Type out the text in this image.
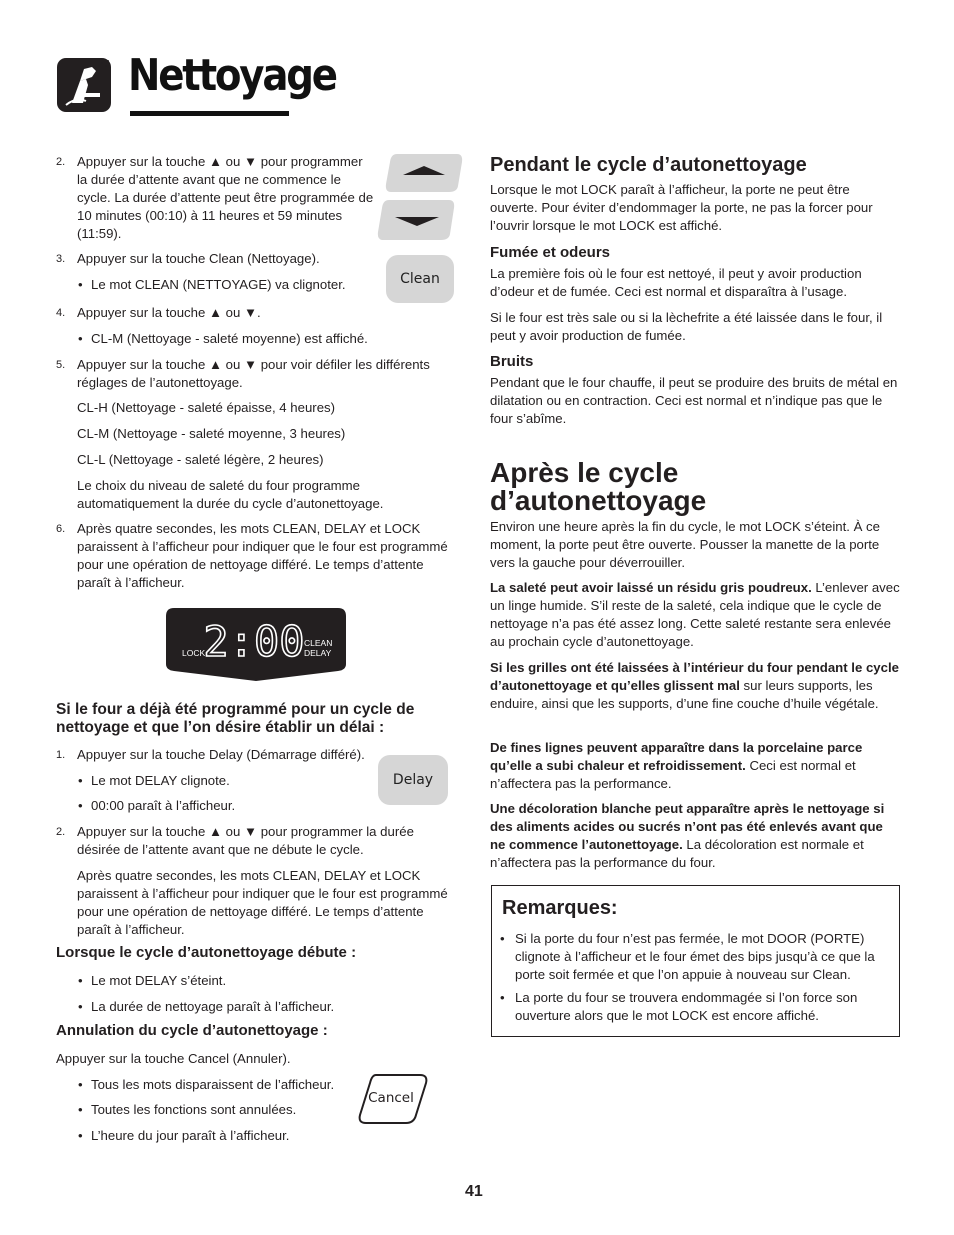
Nettoyage
2. Appuyer sur la touche ▲ ou ▼ pour programmer la durée d’attente avant que ne commence le cycle. La durée d’attente peut être programmée de 10 minutes (00:10) à 11 heures et 59 minutes (11:59).

3. Appuyer sur la touche Clean (Nettoyage).

• Le mot CLEAN (NETTOYAGE) va clignoter.
4. Appuyer sur la touche ▲ ou ▼.

• CL-M (Nettoyage - saleté moyenne) est affiché.
5. Appuyer sur la touche ▲ ou ▼ pour voir défiler les différents réglages de l’autonettoyage.

CL-H (Nettoyage - saleté épaisse, 4 heures)

CL-M (Nettoyage - saleté moyenne, 3 heures)

CL-L (Nettoyage - saleté légère, 2 heures)

Le choix du niveau de saleté du four programme automatiquement la durée du cycle d’autonettoyage.

6. Après quatre secondes, les mots CLEAN, DELAY et LOCK paraissent à l’afficheur pour indiquer que le four est programmé pour une opération de nettoyage différé. Le temps d’attente paraît à l’afficheur.

LOCK
2:00 CLEAN
DELAY

Si le four a déjà été programmé pour un cycle de nettoyage et que l’on désire établir un délai :

1. Appuyer sur la touche Delay (Démarrage différé).

• Le mot DELAY clignote.
• 00:00 paraît à l’afficheur.
2. Appuyer sur la touche ▲ ou ▼ pour programmer la durée désirée de l’attente avant que ne débute le cycle.

Après quatre secondes, les mots CLEAN, DELAY et LOCK paraissent à l’afficheur pour indiquer que le four est programmé pour une opération de nettoyage différé. Le temps d’attente paraît à l’afficheur.

Lorsque le cycle d’autonettoyage débute :

• Le mot DELAY s’éteint.
• La durée de nettoyage paraît à l’afficheur.

Annulation du cycle d’autonettoyage :

Appuyer sur la touche Cancel (Annuler).

• Tous les mots disparaissent de l’afficheur.
• Toutes les fonctions sont annulées.
• L’heure du jour paraît à l’afficheur.
Clean
Delay
Cancel

Pendant le cycle d’autonettoyage

Lorsque le mot LOCK paraît à l’afficheur, la porte ne peut être ouverte. Pour éviter d’endommager la porte, ne pas la forcer pour l’ouvrir lorsque le mot LOCK est affiché.

Fumée et odeurs

La première fois où le four est nettoyé, il peut y avoir production d’odeur et de fumée. Ceci est normal et disparaîtra à l’usage.

Si le four est très sale ou si la lèchefrite a été laissée dans le four, il peut y avoir production de fumée.

Bruits

Pendant que le four chauffe, il peut se produire des bruits de métal en dilatation ou en contraction. Ceci est normal et n’indique pas que le four s’abîme.

Après le cycle

d’autonettoyage

Environ une heure après la fin du cycle, le mot LOCK s’éteint. À ce moment, la porte peut être ouverte. Pousser la manette de la porte vers la gauche pour déverrouiller.

La saleté peut avoir laissé un résidu gris poudreux. L’enlever avec un linge humide. S’il reste de la saleté, cela indique que le cycle de nettoyage n’a pas été assez long. Cette saleté restante sera enlevée au prochain cycle d’autonettoyage.

Si les grilles ont été laissées à l’intérieur du four pendant le cycle d’autonettoyage et qu’elles glissent mal sur leurs supports, les enduire, ainsi que les supports, d’une fine couche d’huile végétale.

De fines lignes peuvent apparaître dans la porcelaine parce qu’elle a subi chaleur et refroidissement. Ceci est normal et n’affectera pas la performance.

Une décoloration blanche peut apparaître après le nettoyage si des aliments acides ou sucrés n’ont pas été enlevés avant que ne commence l’autonettoyage. La décoloration est normale et n’affectera pas la performance du four.

Remarques:

• Si la porte du four n’est pas fermée, le mot DOOR (PORTE) clignote à l’afficheur et le four émet des bips jusqu’à ce que la porte soit fermée et que l’on appuie à nouveau sur Clean.
• La porte du four se trouvera endommagée si l’on force son ouverture alors que le mot LOCK est encore affiché.
41
